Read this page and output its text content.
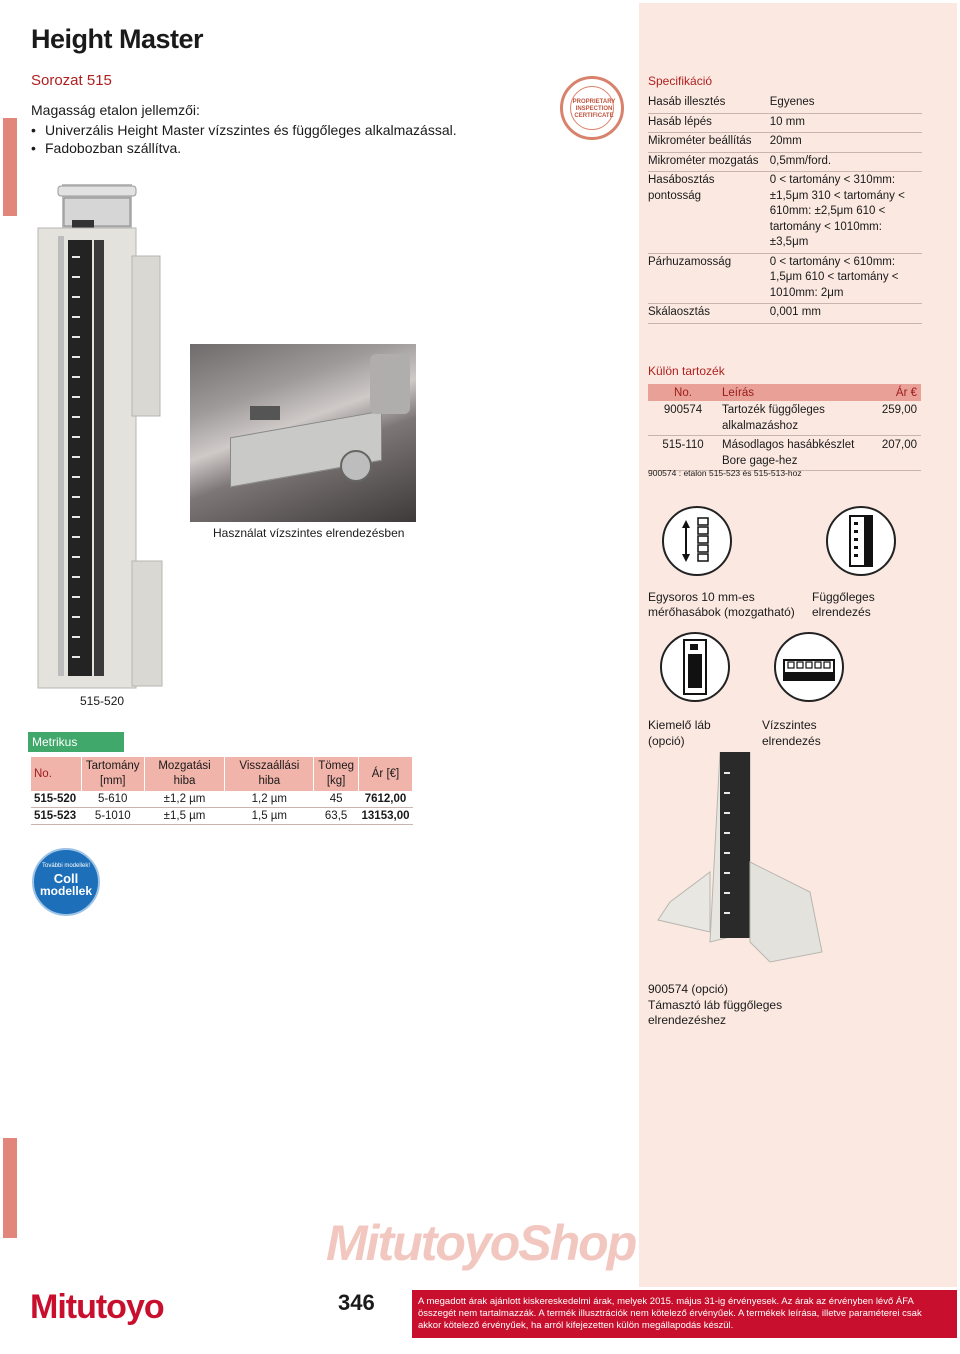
Height Master
Sorozat 515
Magasság etalon jellemzői:
• Univerzális Height Master vízszintes és függőleges alkalmazással.
• Fadobozban szállítva.
PROPRIETARY INSPECTION CERTIFICATE
515-520
Használat vízszintes elrendezésben
Specifikáció
Hasáb illesztés	Egyenes
Hasáb lépés	10 mm
Mikrométer beállítás	20mm
Mikrométer mozgatás	0,5mm/ford.
Hasábosztás pontosság	0 < tartomány < 310mm: ±1,5μm 310 < tartomány < 610mm: ±2,5μm 610 < tartomány < 1010mm: ±3,5μm
Párhuzamosság	0 < tartomány < 610mm: 1,5μm 610 < tartomány < 1010mm: 2μm
Skálaosztás	0,001 mm
Külön tartozék
No.	Leírás	Ár €
900574	Tartozék függőleges alkalmazáshoz	259,00
515-110	Másodlagos hasábkészlet Bore gage-hez	207,00
900574 : etalon 515-523 és 515-513-hoz
Egysoros 10 mm-es mérőhasábok (mozgatható)
Függőleges elrendezés
Kiemelő láb (opció)
Vízszintes elrendezés
900574 (opció)
Támasztó láb függőleges
elrendezéshez
Metrikus
No.	Tartomány [mm]	Mozgatási hiba	Visszaállási hiba	Tömeg [kg]	Ár [€]
515-520	5-610	±1,2 µm	1,2 µm	45	7612,00
515-523	5-1010	±1,5 µm	1,5 µm	63,5	13153,00
További modellek!
Coll
modellek
MitutoyoShop
Mitutoyo	346	A megadott árak ajánlott kiskereskedelmi árak, melyek 2015. május 31-ig érvényesek. Az árak az érvényben lévő ÁFA összegét nem tartalmazzák. A termék illusztrációk nem kötelező érvényűek. A termékek leírása, illetve paraméterei csak akkor kötelező érvényűek, ha arról kifejezetten külön megállapodás készül.
